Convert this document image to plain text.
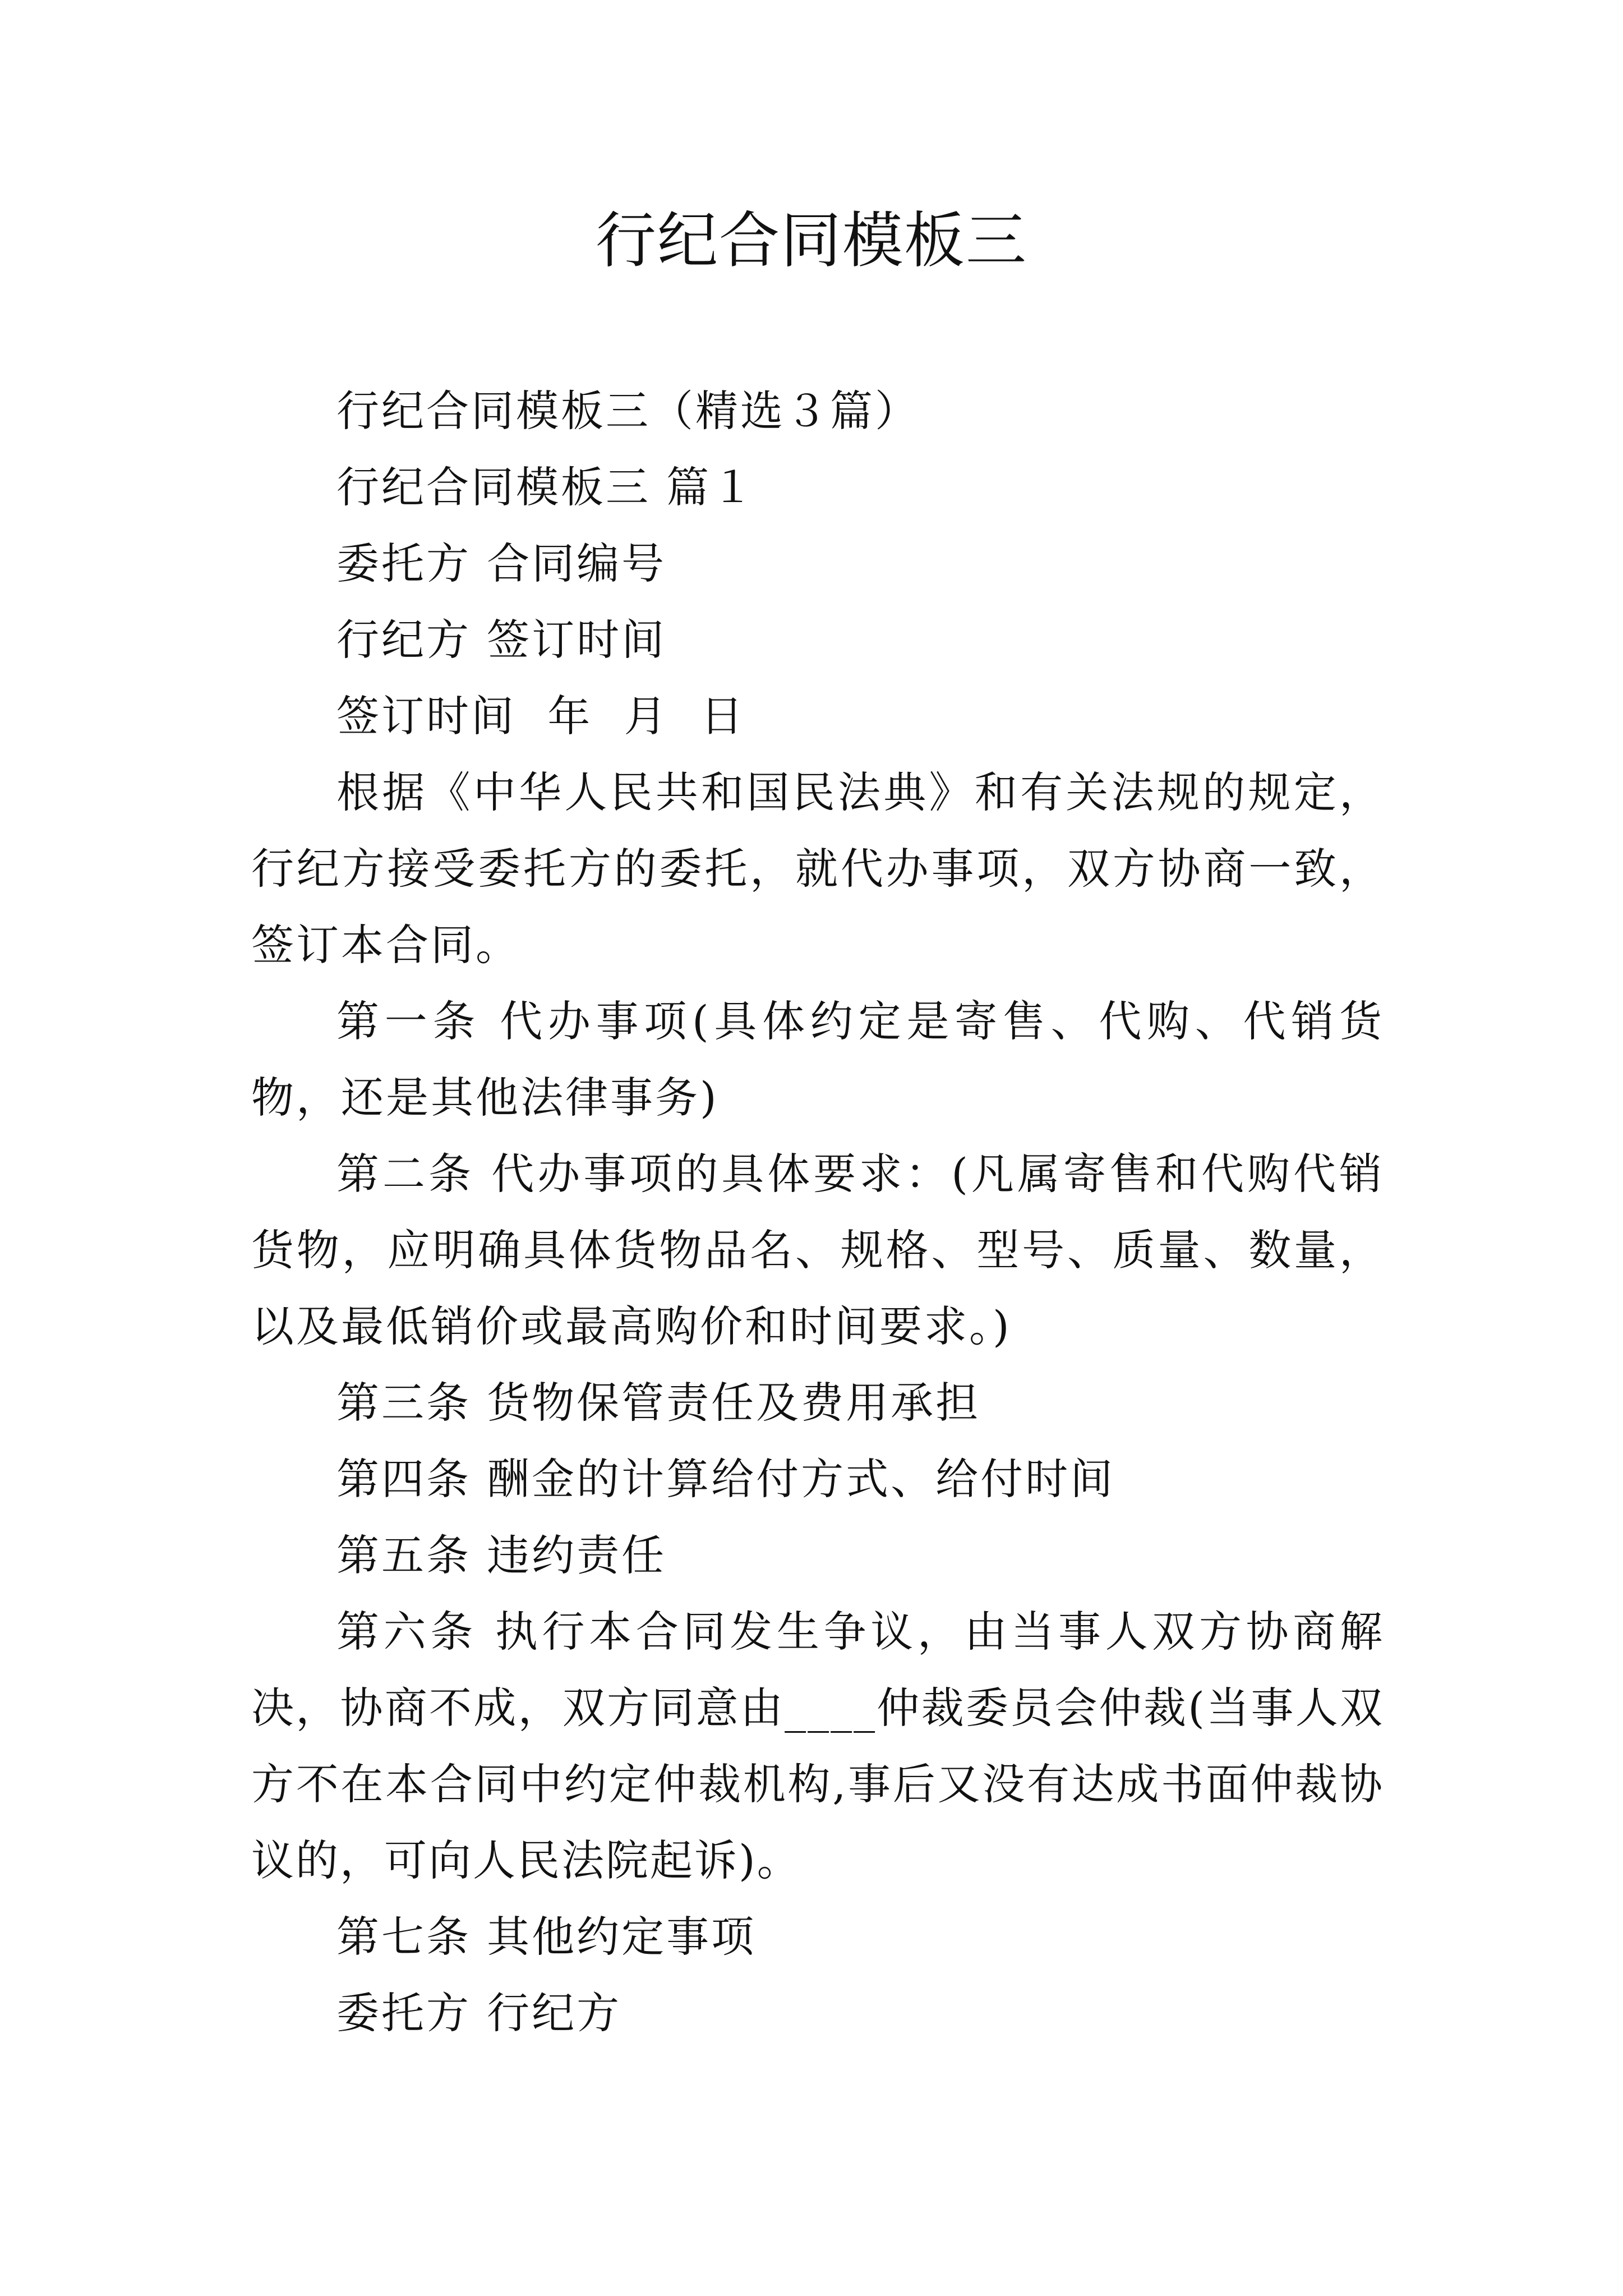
行纪合同模板三

行纪合同模板三（精选３篇）

行纪合同模板三 篇１

委托方 合同编号

行纪方 签订时间

签订时间  年  月  日

根据《中华人民共和国民法典》和有关法规的规定，行纪方接受委托方的委托，就代办事项，双方协商一致，签订本合同。

第一条 代办事项(具体约定是寄售、代购、代销货物，还是其他法律事务)

第二条 代办事项的具体要求：(凡属寄售和代购代销货物，应明确具体货物品名、规格、型号、质量、数量，以及最低销价或最高购价和时间要求。)

第三条 货物保管责任及费用承担

第四条 酬金的计算给付方式、给付时间

第五条 违约责任

第六条 执行本合同发生争议，由当事人双方协商解决，协商不成，双方同意由____仲裁委员会仲裁(当事人双方不在本合同中约定仲裁机构,事后又没有达成书面仲裁协议的，可向人民法院起诉)。

第七条 其他约定事项

委托方 行纪方
